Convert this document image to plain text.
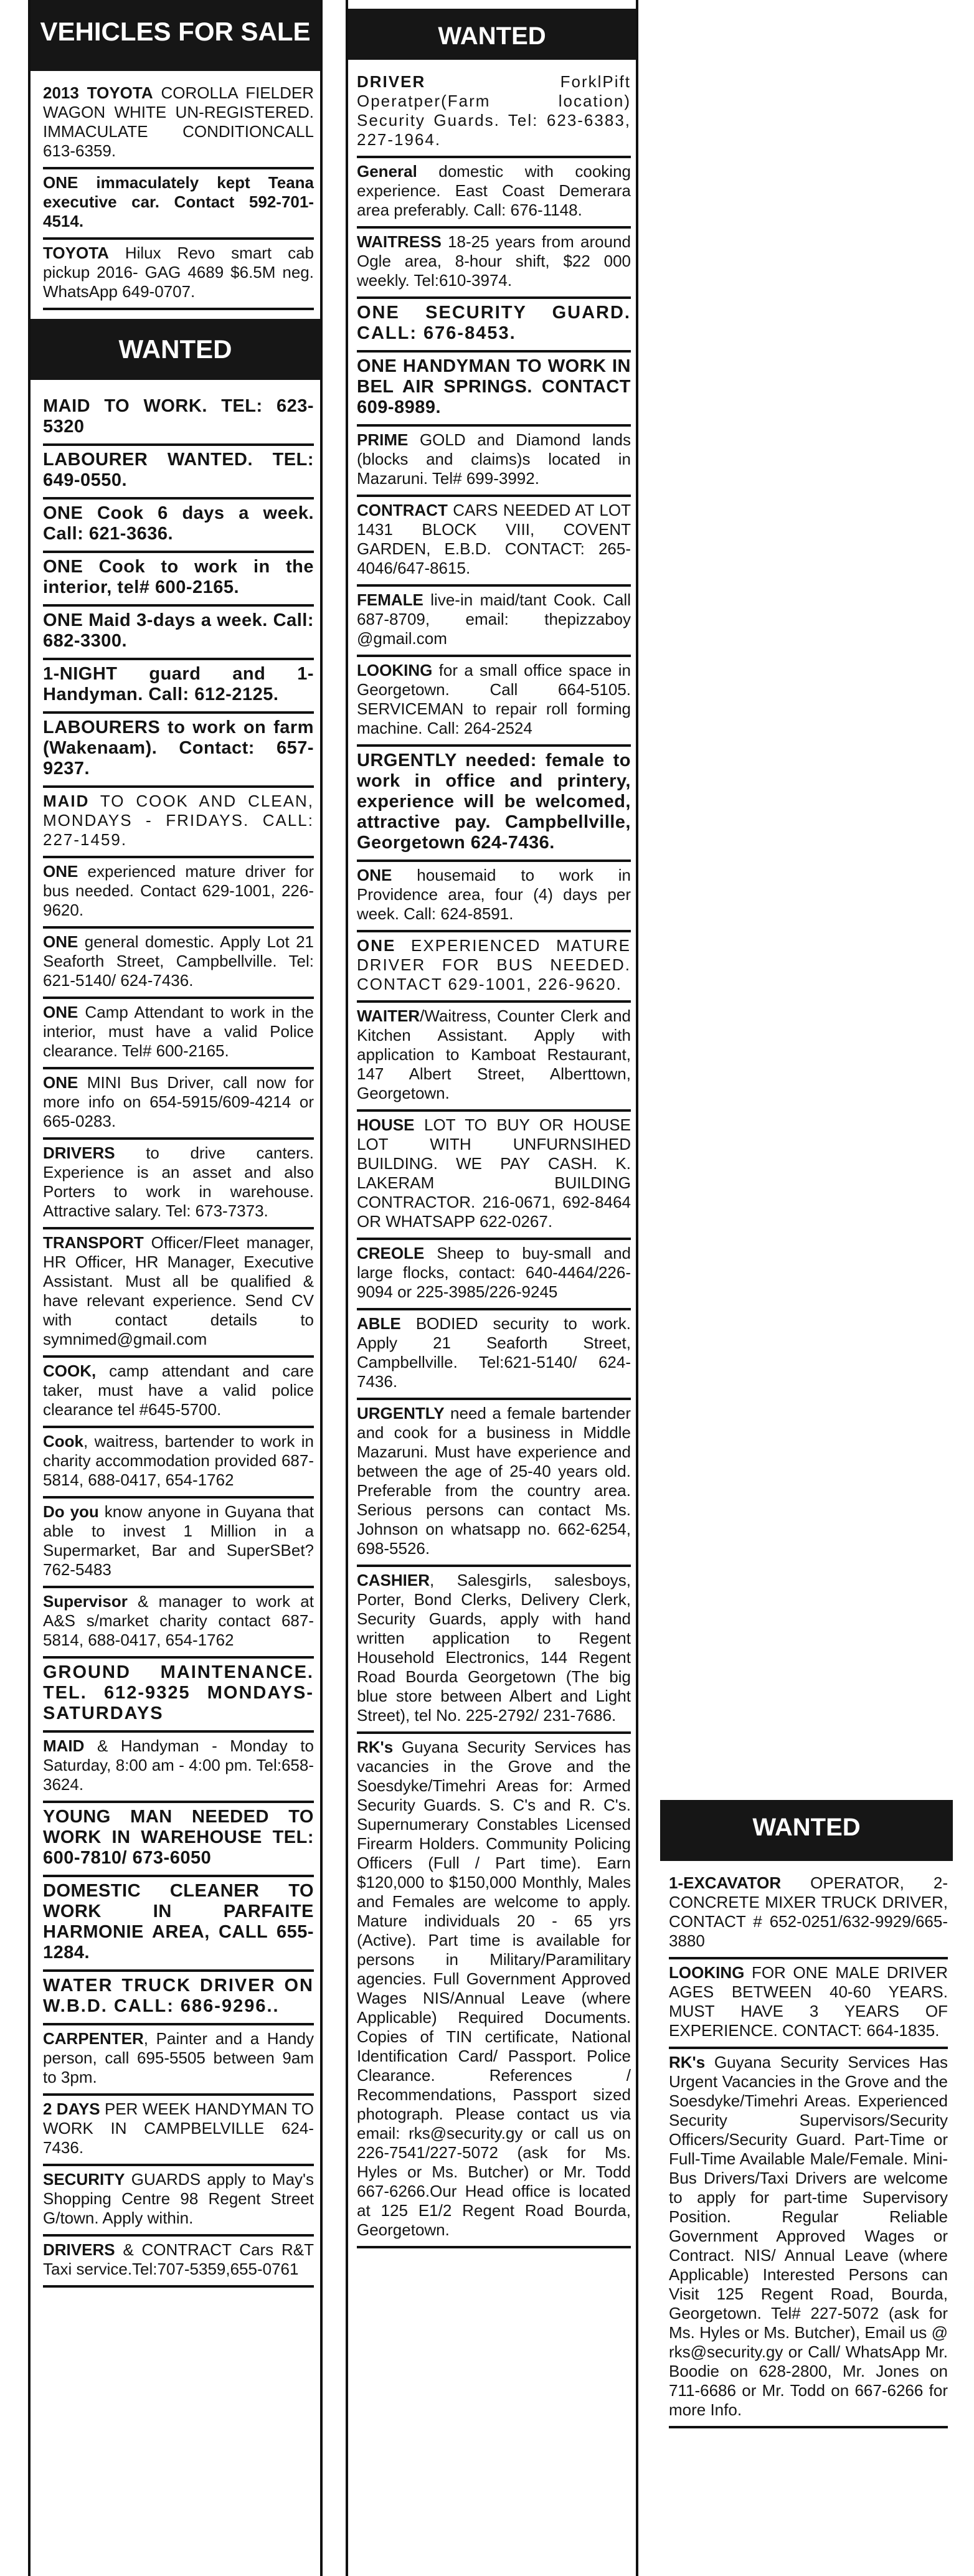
VEHICLES FOR SALE
2013 TOYOTA COROLLA FIELDER WAGON WHITE UN-REGISTERED. IMMACULATE CONDITIONCALL 613-6359.
ONE immaculately kept Teana executive car. Contact 592-701-4514.
TOYOTA Hilux Revo smart cab pickup 2016- GAG 4689 $6.5M neg. WhatsApp 649-0707.
WANTED
MAID TO WORK. TEL: 623-5320
LABOURER WANTED. TEL: 649-0550.
ONE Cook 6 days a week. Call: 621-3636.
ONE Cook to work in the interior, tel# 600-2165.
ONE Maid 3-days a week. Call: 682-3300.
1-NIGHT guard and 1-Handyman. Call: 612-2125.
LABOURERS to work on farm (Wakenaam). Contact: 657-9237.
MAID TO COOK AND CLEAN, MONDAYS - FRIDAYS. CALL: 227-1459.
ONE experienced mature driver for bus needed. Contact 629-1001, 226-9620.
ONE general domestic. Apply Lot 21 Seaforth Street, Campbellville. Tel: 621-5140/ 624-7436.
ONE Camp Attendant to work in the interior, must have a valid Police clearance. Tel# 600-2165.
ONE MINI Bus Driver, call now for more info on 654-5915/609-4214 or 665-0283.
DRIVERS to drive canters. Experience is an asset and also Porters to work in warehouse. Attractive salary. Tel: 673-7373.
TRANSPORT Officer/Fleet manager, HR Officer, HR Manager, Executive Assistant. Must all be qualified & have relevant experience. Send CV with contact details to symnimed@gmail.com
COOK, camp attendant and care taker, must have a valid police clearance tel #645-5700.
Cook, waitress, bartender to work in charity accommodation provided 687-5814, 688-0417, 654-1762
Do you know anyone in Guyana that able to invest 1 Million in a Supermarket, Bar and SuperSBet? 762-5483
Supervisor & manager to work at A&S s/market charity contact 687-5814, 688-0417, 654-1762
GROUND MAINTENANCE. TEL. 612-9325 MONDAYS-SATURDAYS
MAID & Handyman - Monday to Saturday, 8:00 am - 4:00 pm. Tel:658-3624.
YOUNG MAN NEEDED TO WORK IN WAREHOUSE TEL: 600-7810/ 673-6050
DOMESTIC CLEANER TO WORK IN PARFAITE HARMONIE AREA, CALL 655-1284.
WATER TRUCK DRIVER ON W.B.D. CALL: 686-9296..
CARPENTER, Painter and a Handy person, call 695-5505 between 9am to 3pm.
2 DAYS PER WEEK HANDYMAN TO WORK IN CAMPBELVILLE 624-7436.
SECURITY GUARDS apply to May's Shopping Centre 98 Regent Street G/town. Apply within.
DRIVERS & CONTRACT Cars R&T Taxi service.Tel:707-5359,655-0761
WANTED
DRIVER ForklPift Operatper(Farm location) Security Guards. Tel: 623-6383, 227-1964.
General domestic with cooking experience. East Coast Demerara area preferably. Call: 676-1148.
WAITRESS 18-25 years from around Ogle area, 8-hour shift, $22 000 weekly. Tel:610-3974.
ONE SECURITY GUARD. CALL: 676-8453.
ONE HANDYMAN TO WORK IN BEL AIR SPRINGS. CONTACT 609-8989.
PRIME GOLD and Diamond lands (blocks and claims)s located in Mazaruni. Tel# 699-3992.
CONTRACT CARS NEEDED AT LOT 1431 BLOCK VIII, COVENT GARDEN, E.B.D. CONTACT: 265-4046/647-8615.
FEMALE live-in maid/tant Cook. Call 687-8709, email: thepizzaboy @gmail.com
LOOKING for a small office space in Georgetown. Call 664-5105. SERVICEMAN to repair roll forming machine. Call: 264-2524
URGENTLY needed: female to work in office and printery, experience will be welcomed, attractive pay. Campbellville, Georgetown 624-7436.
ONE housemaid to work in Providence area, four (4) days per week. Call: 624-8591.
ONE EXPERIENCED MATURE DRIVER FOR BUS NEEDED. CONTACT 629-1001, 226-9620.
WAITER/Waitress, Counter Clerk and Kitchen Assistant. Apply with application to Kamboat Restaurant, 147 Albert Street, Alberttown, Georgetown.
HOUSE LOT TO BUY OR HOUSE LOT WITH UNFURNSIHED BUILDING. WE PAY CASH. K. LAKERAM BUILDING CONTRACTOR. 216-0671, 692-8464 OR WHATSAPP 622-0267.
CREOLE Sheep to buy-small and large flocks, contact: 640-4464/226-9094 or 225-3985/226-9245
ABLE BODIED security to work. Apply 21 Seaforth Street, Campbellville. Tel:621-5140/ 624-7436.
URGENTLY need a female bartender and cook for a business in Middle Mazaruni. Must have experience and between the age of 25-40 years old. Preferable from the country area. Serious persons can contact Ms. Johnson on whatsapp no. 662-6254, 698-5526.
CASHIER, Salesgirls, salesboys, Porter, Bond Clerks, Delivery Clerk, Security Guards, apply with hand written application to Regent Household Electronics, 144 Regent Road Bourda Georgetown (The big blue store between Albert and Light Street), tel No. 225-2792/ 231-7686.
RK's Guyana Security Services has vacancies in the Grove and the Soesdyke/Timehri Areas for: Armed Security Guards. S. C's and R. C's. Supernumerary Constables Licensed Firearm Holders. Community Policing Officers (Full / Part time). Earn $120,000 to $150,000 Monthly, Males and Females are welcome to apply. Mature individuals 20 - 65 yrs (Active). Part time is available for persons in Military/Paramilitary agencies. Full Government Approved Wages NIS/Annual Leave (where Applicable) Required Documents. Copies of TIN certificate, National Identification Card/ Passport. Police Clearance. References / Recommendations, Passport sized photograph. Please contact us via email: rks@security.gy or call us on 226-7541/227-5072 (ask for Ms. Hyles or Ms. Butcher) or Mr. Todd 667-6266.Our Head office is located at 125 E1/2 Regent Road Bourda, Georgetown.
WANTED
1-EXCAVATOR OPERATOR, 2- CONCRETE MIXER TRUCK DRIVER, CONTACT # 652-0251/632-9929/665-3880
LOOKING FOR ONE MALE DRIVER AGES BETWEEN 40-60 YEARS. MUST HAVE 3 YEARS OF EXPERIENCE. CONTACT: 664-1835.
RK's Guyana Security Services Has Urgent Vacancies in the Grove and the Soesdyke/Timehri Areas. Experienced Security Supervisors/Security Officers/Security Guard. Part-Time or Full-Time Available Male/Female. Mini-Bus Drivers/Taxi Drivers are welcome to apply for part-time Supervisory Position. Regular Reliable Government Approved Wages or Contract. NIS/ Annual Leave (where Applicable) Interested Persons can Visit 125 Regent Road, Bourda, Georgetown. Tel# 227-5072 (ask for Ms. Hyles or Ms. Butcher), Email us @ rks@security.gy or Call/ WhatsApp Mr. Boodie on 628-2800, Mr. Jones on 711-6686 or Mr. Todd on 667-6266 for more Info.
